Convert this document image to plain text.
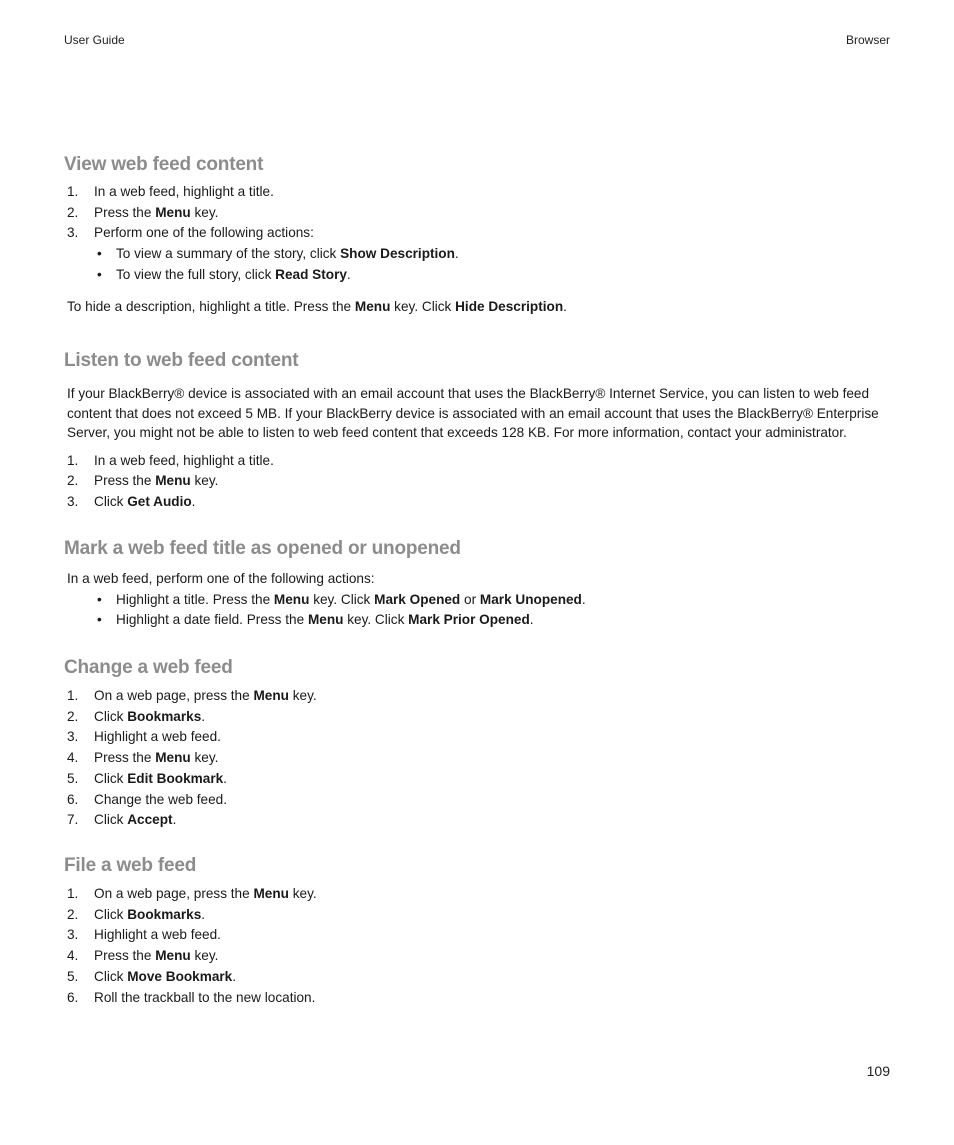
User Guide	Browser
View web feed content
1. In a web feed, highlight a title.
2. Press the Menu key.
3. Perform one of the following actions:
• To view a summary of the story, click Show Description.
• To view the full story, click Read Story.

To hide a description, highlight a title. Press the Menu key. Click Hide Description.

Listen to web feed content

If your BlackBerry® device is associated with an email account that uses the BlackBerry® Internet Service, you can listen to web feed content that does not exceed 5 MB. If your BlackBerry device is associated with an email account that uses the BlackBerry® Enterprise Server, you might not be able to listen to web feed content that exceeds 128 KB. For more information, contact your administrator.

1. In a web feed, highlight a title.
2. Press the Menu key.
3. Click Get Audio.
Mark a web feed title as opened or unopened

In a web feed, perform one of the following actions:

• Highlight a title. Press the Menu key. Click Mark Opened or Mark Unopened.
• Highlight a date field. Press the Menu key. Click Mark Prior Opened.
Change a web feed
1. On a web page, press the Menu key.
2. Click Bookmarks.
3. Highlight a web feed.
4. Press the Menu key.
5. Click Edit Bookmark.
6. Change the web feed.
7. Click Accept.
File a web feed
1. On a web page, press the Menu key.
2. Click Bookmarks.
3. Highlight a web feed.
4. Press the Menu key.
5. Click Move Bookmark.
6. Roll the trackball to the new location.
109
